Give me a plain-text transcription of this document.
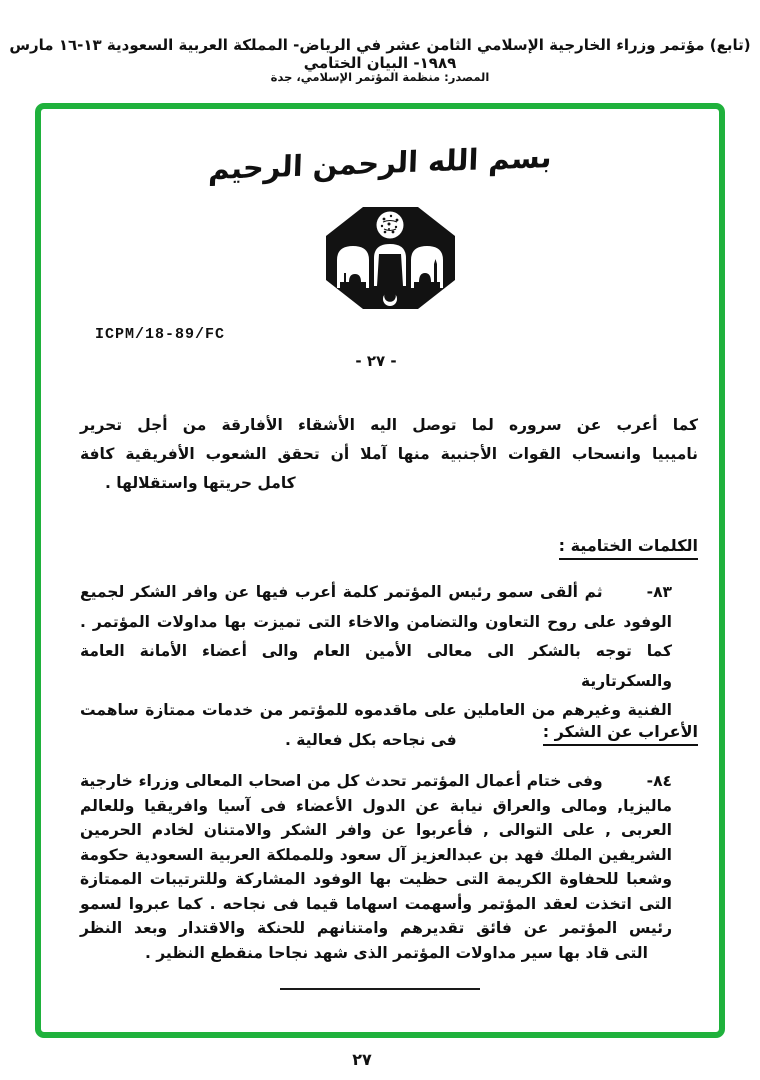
(تابع) مؤتمر وزراء الخارجية الإسلامي الثامن عشر في الرياض- المملكة العربية السعودية ١٣-١٦ مارس ١٩٨٩- البيان الختامي
المصدر: منظمة المؤتمر الإسلامي، جدة
بسم الله الرحمن الرحيم
ICPM/18-89/FC
- ٢٧ -
كما أعرب عن سروره لما توصل اليه الأشقاء الأفارقة من أجل تحرير
ناميبيا وانسحاب القوات الأجنبية منها آملا أن تحقق الشعوب الأفريقية كافة
كامل حريتها واستقلالها .
الكلمات الختامية :
٨٣-
ثم ألقى سمو رئيس المؤتمر كلمة أعرب فيها عن وافر الشكر لجميع
الوفود على روح التعاون والتضامن والاخاء التى تميزت بها مداولات المؤتمر .
كما توجه بالشكر الى معالى الأمين العام والى أعضاء الأمانة العامة والسكرتارية
الفنية وغيرهم من العاملين على ماقدموه للمؤتمر من خدمات ممتازة ساهمت
فى نجاحه بكل فعالية .	الأعراب عن الشكر :
٨٤-
وفى ختام أعمال المؤتمر تحدث كل من اصحاب المعالى وزراء خارجية
ماليزيا, ومالى والعراق نيابة عن الدول الأعضاء فى آسيا وافريقيا وللعالم
العربى , على التوالى , فأعربوا عن وافر الشكر والامتنان لخادم الحرمين
الشريفين الملك فهد بن عبدالعزيز آل سعود وللمملكة العربية السعودية حكومة
وشعبا للحفاوة الكريمة التى حظيت بها الوفود المشاركة وللترتيبات الممتازة
التى اتخذت لعقد المؤتمر وأسهمت اسهاما قيما فى نجاحه . كما عبروا لسمو
رئيس المؤتمر عن فائق تقديرهم وامتنانهم للحنكة والاقتدار وبعد النظر
التى قاد بها سير مداولات المؤتمر الذى شهد نجاحا منقطع النظير .
٢٧
